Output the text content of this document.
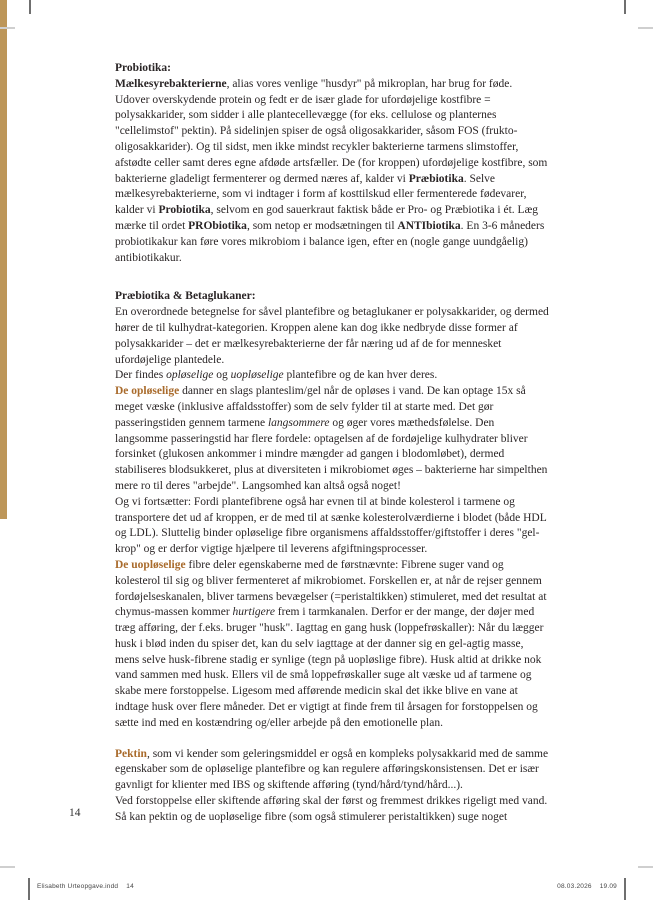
Probiotika:

Mælkesyrebakterierne, alias vores venlige "husdyr" på mikroplan, har brug for føde. Udover overskydende protein og fedt er de især glade for ufordøjelige kostfibre = polysakkarider, som sidder i alle plantecellevægge (for eks. cellulose og planternes "cellelimstof" pektin). På sidelinjen spiser de også oligosakkarider, såsom FOS (frukto-oligosakkarider). Og til sidst, men ikke mindst recykler bakterierne tarmens slimstoffer, afstødte celler samt deres egne afdøde artsfæller. De (for kroppen) ufordøjelige kostfibre, som bakterierne gladeligt fermenterer og dermed næres af, kalder vi Præbiotika. Selve mælkesyrebakterierne, som vi indtager i form af kosttilskud eller fermenterede fødevarer, kalder vi Probiotika, selvom en god sauerkraut faktisk både er Pro- og Præbiotika i ét. Læg mærke til ordet PRObiotika, som netop er modsætningen til ANTIbiotika. En 3-6 måneders probiotikakur kan føre vores mikrobiom i balance igen, efter en (nogle gange uundgåelig) antibiotikakur.

Præbiotika & Betaglukaner:

En overordnede betegnelse for såvel plantefibre og betaglukaner er polysakkarider, og dermed hører de til kulhydrat-kategorien. Kroppen alene kan dog ikke nedbryde disse former af polysakkarider – det er mælkesyrebakterierne der får næring ud af de for mennesket ufordøjelige plantedele.

Der findes opløselige og uopløselige plantefibre og de kan hver deres.

De opløselige danner en slags planteslim/gel når de opløses i vand. De kan optage 15x så meget væske (inklusive affaldsstoffer) som de selv fylder til at starte med. Det gør passeringstiden gennem tarmene langsommere og øger vores mæthedsfølelse. Den langsomme passeringstid har flere fordele: optagelsen af de fordøjelige kulhydrater bliver forsinket (glukosen ankommer i mindre mængder ad gangen i blodomløbet), dermed stabiliseres blodsukkeret, plus at diversiteten i mikrobiomet øges – bakterierne har simpelthen mere ro til deres "arbejde". Langsomhed kan altså også noget!

Og vi fortsætter: Fordi plantefibrene også har evnen til at binde kolesterol i tarmene og transportere det ud af kroppen, er de med til at sænke kolesterolværdierne i blodet (både HDL og LDL). Sluttelig binder opløselige fibre organismens affaldsstoffer/giftstoffer i deres "gel-krop" og er derfor vigtige hjælpere til leverens afgiftningsprocesser.

De uopløselige fibre deler egenskaberne med de førstnævnte: Fibrene suger vand og kolesterol til sig og bliver fermenteret af mikrobiomet. Forskellen er, at når de rejser gennem fordøjelseskanalen, bliver tarmens bevægelser (=peristaltikken) stimuleret, med det resultat at chymus-massen kommer hurtigere frem i tarmkanalen. Derfor er der mange, der døjer med træg afføring, der f.eks. bruger "husk". Iagttag en gang husk (loppefrøskaller): Når du lægger husk i blød inden du spiser det, kan du selv iagttage at der danner sig en gel-agtig masse, mens selve husk-fibrene stadig er synlige (tegn på uopløslige fibre). Husk altid at drikke nok vand sammen med husk. Ellers vil de små loppefrøskaller suge alt væske ud af tarmene og skabe mere forstoppelse. Ligesom med afførende medicin skal det ikke blive en vane at indtage husk over flere måneder. Det er vigtigt at finde frem til årsagen for forstoppelsen og sætte ind med en kostændring og/eller arbejde på den emotionelle plan.

Pektin, som vi kender som geleringsmiddel er også en kompleks polysakkarid med de samme egenskaber som de opløselige plantefibre og kan regulere afføringskonsistensen. Det er især gavnligt for klienter med IBS og skiftende afføring (tynd/hård/tynd/hård...).

Ved forstoppelse eller skiftende afføring skal der først og fremmest drikkes rigeligt med vand. Så kan pektin og de uopløselige fibre (som også stimulerer peristaltikken) suge noget

14
Elisabeth Urteopgave.indd    14	08.03.2026    19.09
